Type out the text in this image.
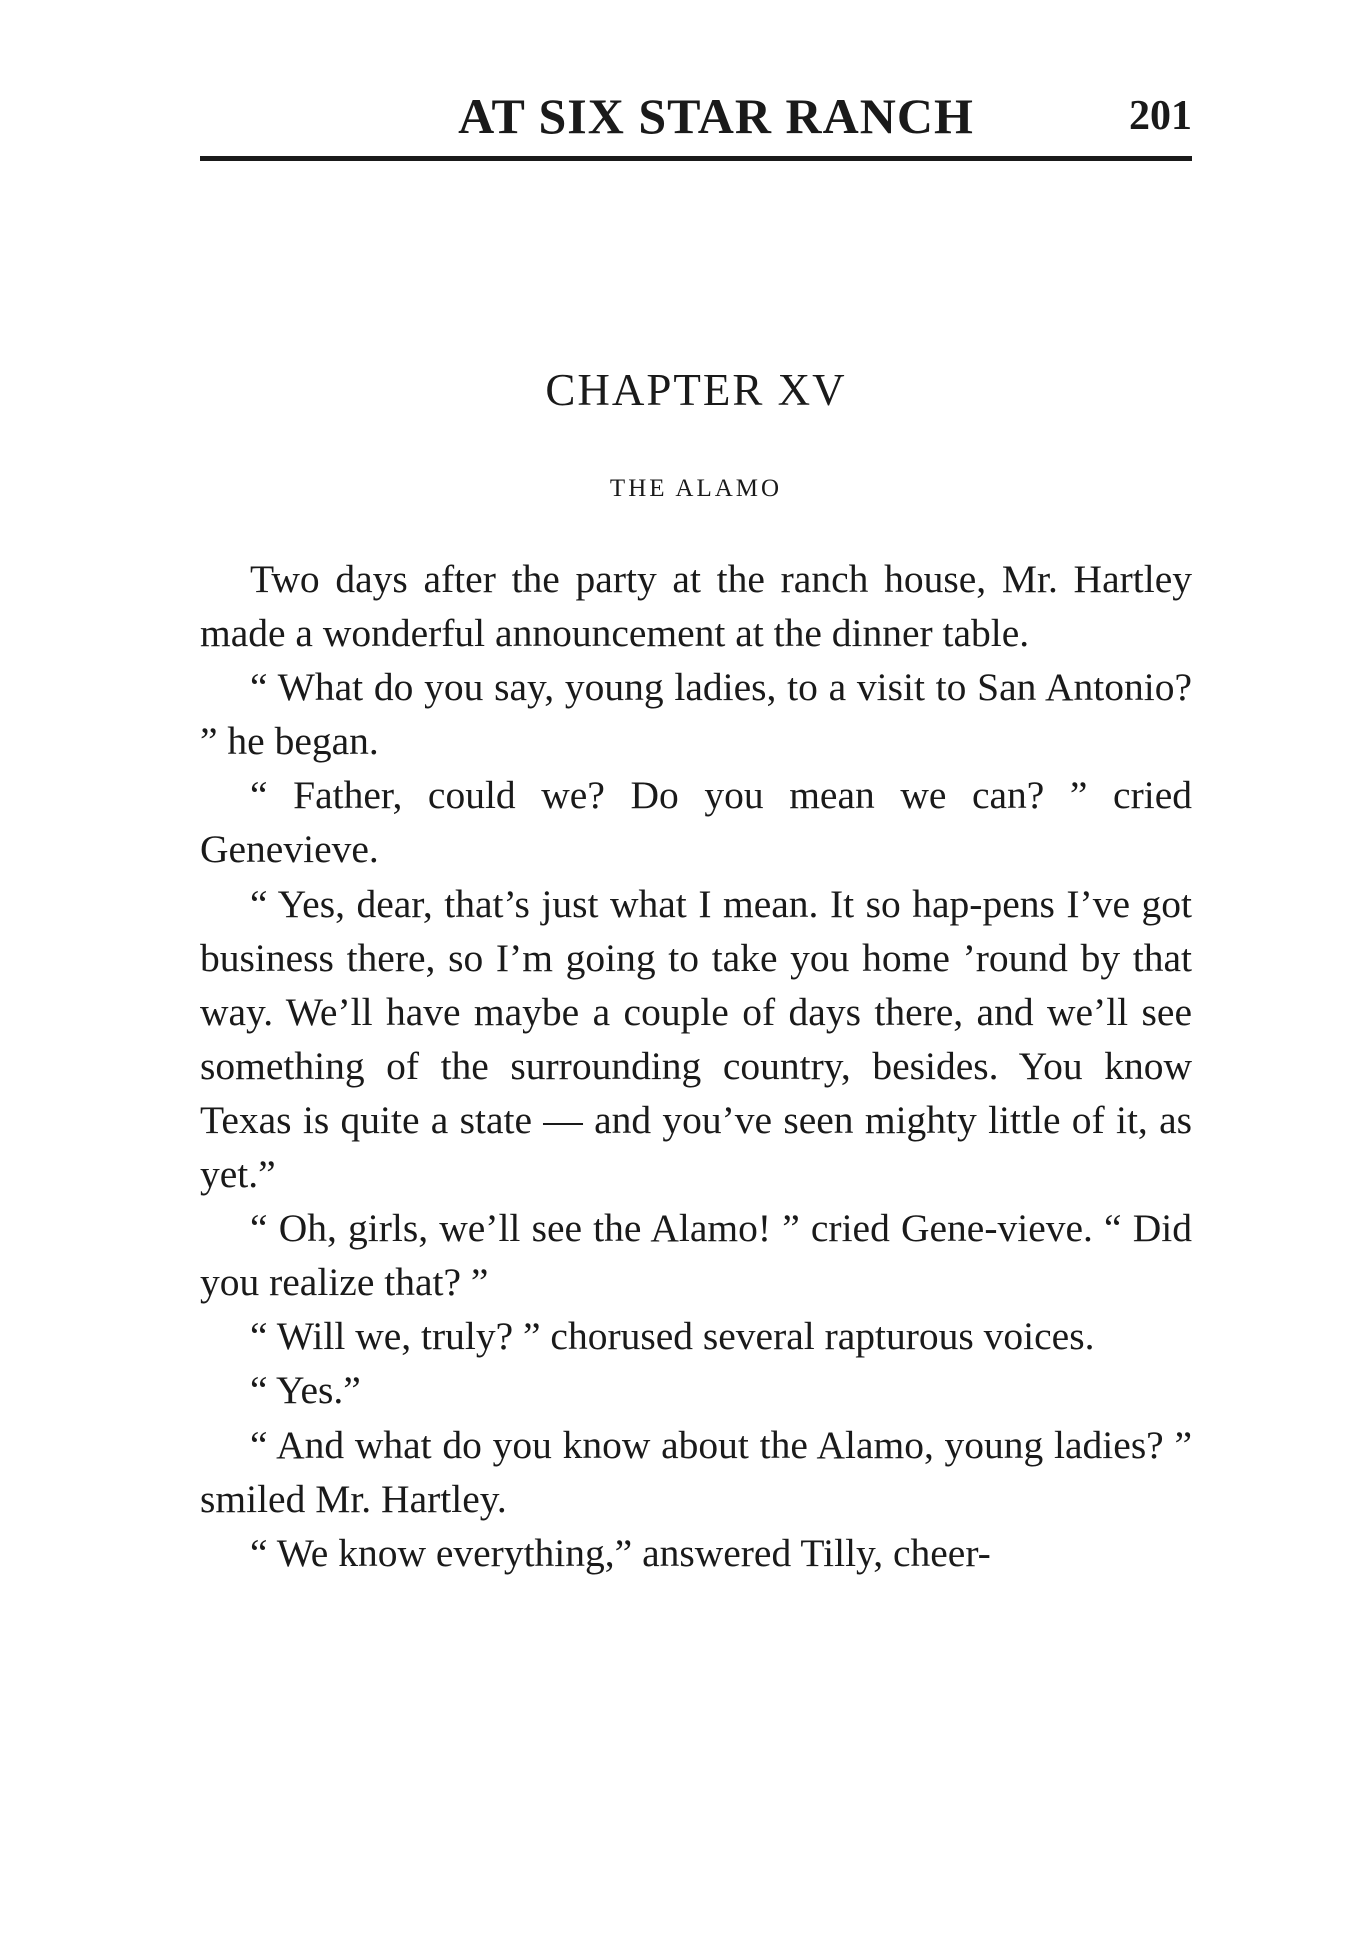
AT SIX STAR RANCH	201
CHAPTER XV
THE ALAMO

Two days after the party at the ranch house, Mr. Hartley made a wonderful announcement at the dinner table.

“ What do you say, young ladies, to a visit to San Antonio? ” he began.

“ Father, could we? Do you mean we can? ” cried Genevieve.

“ Yes, dear, that’s just what I mean. It so hap-pens I’ve got business there, so I’m going to take you home ’round by that way. We’ll have maybe a couple of days there, and we’ll see something of the surrounding country, besides. You know Texas is quite a state — and you’ve seen mighty little of it, as yet.”

“ Oh, girls, we’ll see the Alamo! ” cried Gene-vieve. “ Did you realize that? ”

“ Will we, truly? ” chorused several rapturous voices.

“ Yes.”

“ And what do you know about the Alamo, young ladies? ” smiled Mr. Hartley.

“ We know everything,” answered Tilly, cheer-
